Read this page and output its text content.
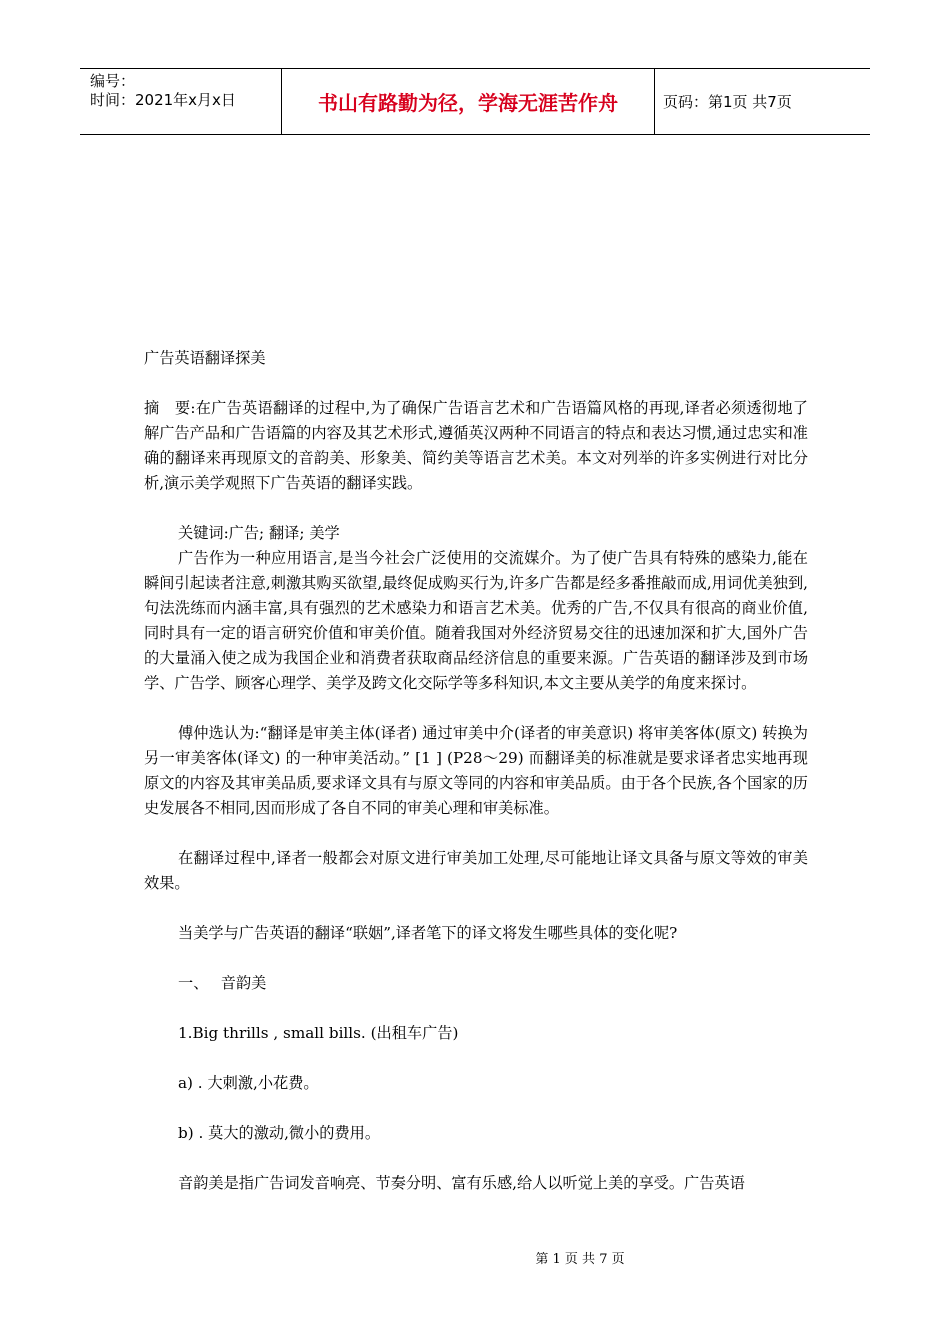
编号：
时间：2021年x月x日	书山有路勤为径，学海无涯苦作舟	页码：第1页 共7页

广告英语翻译探美

摘　要:在广告英语翻译的过程中,为了确保广告语言艺术和广告语篇风格的再现,译者必须透彻地了解广告产品和广告语篇的内容及其艺术形式,遵循英汉两种不同语言的特点和表达习惯,通过忠实和准确的翻译来再现原文的音韵美、形象美、简约美等语言艺术美。本文对列举的许多实例进行对比分析,演示美学观照下广告英语的翻译实践。

关键词:广告; 翻译; 美学

广告作为一种应用语言,是当今社会广泛使用的交流媒介。为了使广告具有特殊的感染力,能在瞬间引起读者注意,刺激其购买欲望,最终促成购买行为,许多广告都是经多番推敲而成,用词优美独到,句法洗练而内涵丰富,具有强烈的艺术感染力和语言艺术美。优秀的广告,不仅具有很高的商业价值,同时具有一定的语言研究价值和审美价值。随着我国对外经济贸易交往的迅速加深和扩大,国外广告的大量涌入使之成为我国企业和消费者获取商品经济信息的重要来源。广告英语的翻译涉及到市场学、广告学、顾客心理学、美学及跨文化交际学等多科知识,本文主要从美学的角度来探讨。

傅仲选认为:“翻译是审美主体(译者) 通过审美中介(译者的审美意识) 将审美客体(原文) 转换为另一审美客体(译文) 的一种审美活动。” [1 ] (P28～29) 而翻译美的标准就是要求译者忠实地再现原文的内容及其审美品质,要求译文具有与原文等同的内容和审美品质。由于各个民族,各个国家的历史发展各不相同,因而形成了各自不同的审美心理和审美标准。

在翻译过程中,译者一般都会对原文进行审美加工处理,尽可能地让译文具备与原文等效的审美效果。

当美学与广告英语的翻译“联姻”,译者笔下的译文将发生哪些具体的变化呢?

一、　 音韵美

1.Big thrills , small bills. (出租车广告)

a) . 大刺激,小花费。

b) . 莫大的激动,微小的费用。

音韵美是指广告词发音响亮、节奏分明、富有乐感,给人以听觉上美的享受。广告英语

第 1 页 共 7 页
